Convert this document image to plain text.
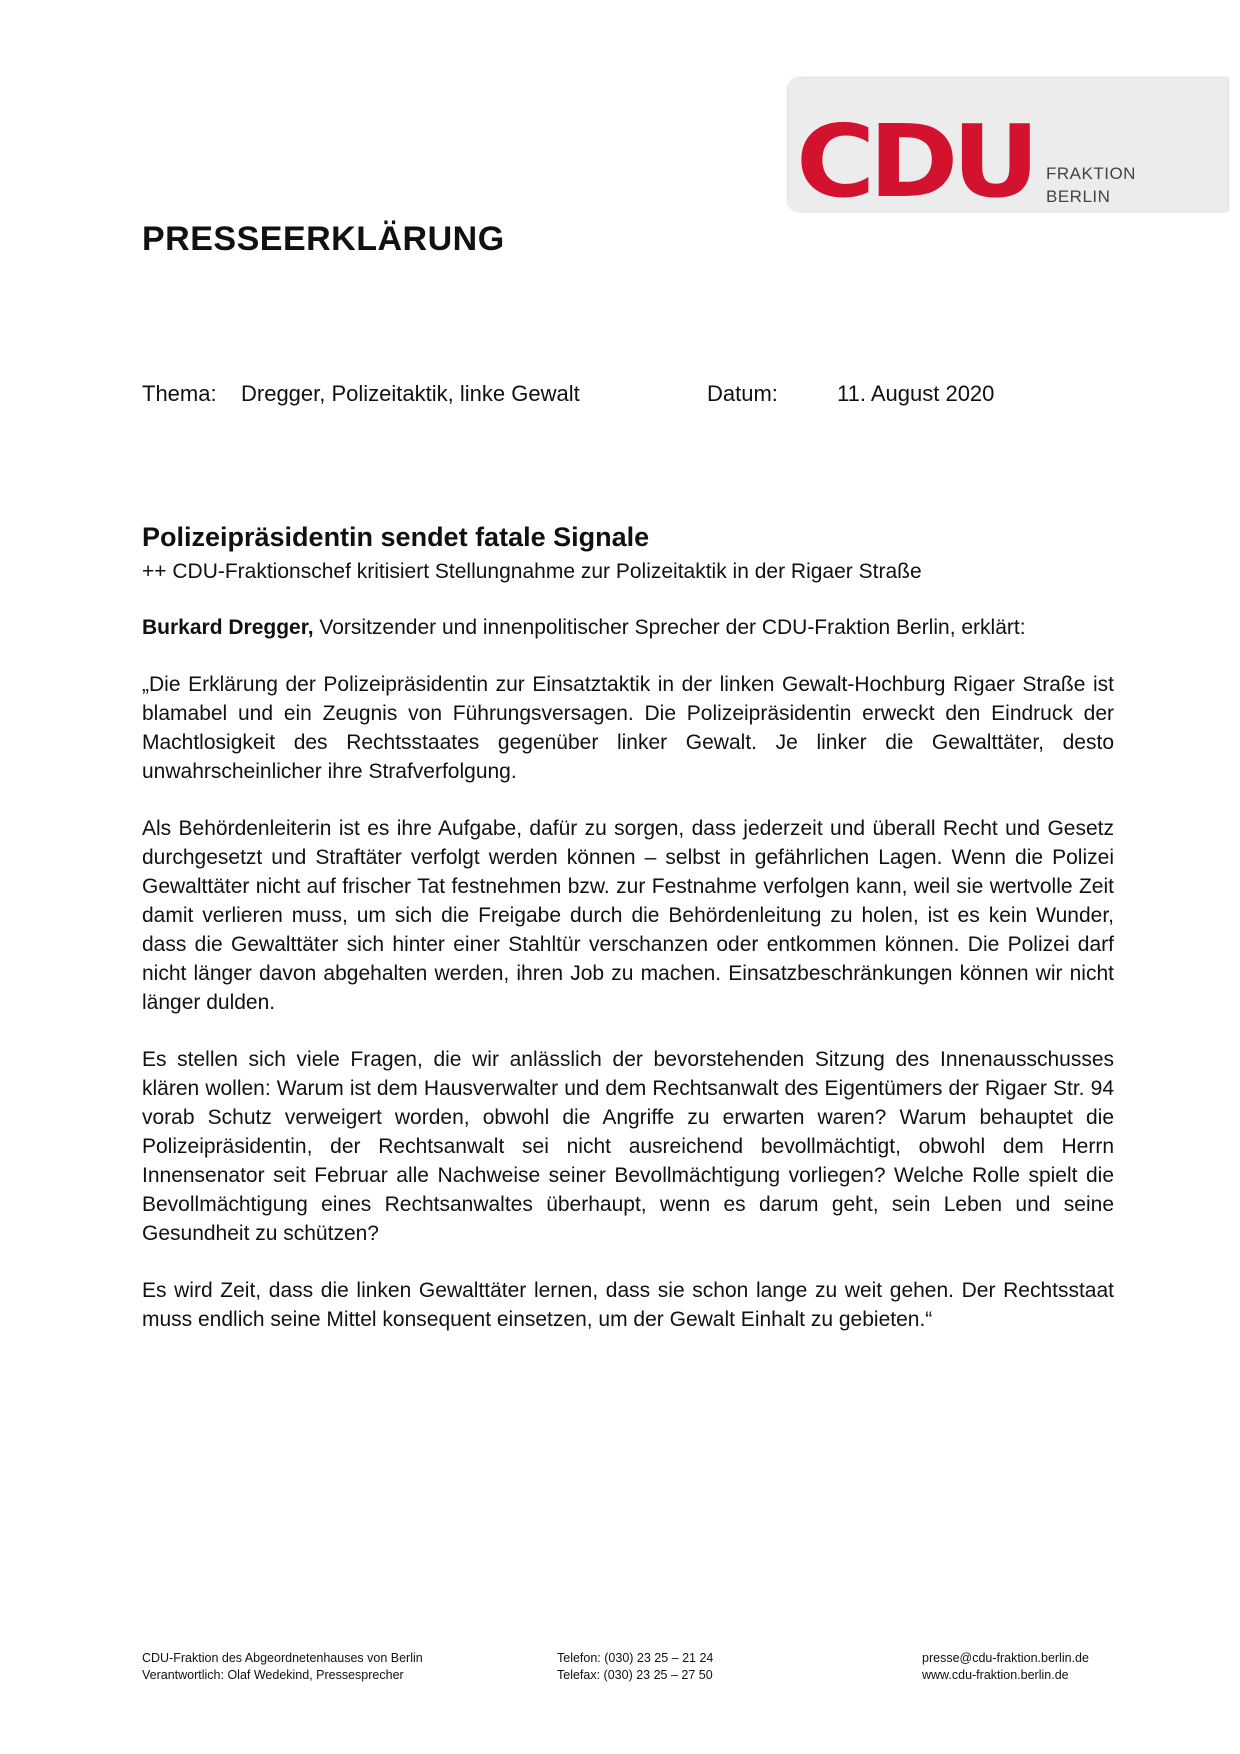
CDU FRAKTION
BERLIN
PRESSEERKLÄRUNG
Thema: Dregger, Polizeitaktik, linke Gewalt	Datum:	11. August 2020
Polizeipräsidentin sendet fatale Signale
++ CDU-Fraktionschef kritisiert Stellungnahme zur Polizeitaktik in der Rigaer Straße

Burkard Dregger, Vorsitzender und innenpolitischer Sprecher der CDU-Fraktion Berlin, erklärt:

„Die Erklärung der Polizeipräsidentin zur Einsatztaktik in der linken Gewalt-Hochburg Rigaer Straße ist blamabel und ein Zeugnis von Führungsversagen. Die Polizeipräsidentin erweckt den Eindruck der Machtlosigkeit des Rechtsstaates gegenüber linker Gewalt. Je linker die Gewalttäter, desto unwahrscheinlicher ihre Strafverfolgung.

Als Behördenleiterin ist es ihre Aufgabe, dafür zu sorgen, dass jederzeit und überall Recht und Gesetz durchgesetzt und Straftäter verfolgt werden können – selbst in gefährlichen Lagen. Wenn die Polizei Gewalttäter nicht auf frischer Tat festnehmen bzw. zur Festnahme verfolgen kann, weil sie wertvolle Zeit damit verlieren muss, um sich die Freigabe durch die Behördenleitung zu holen, ist es kein Wunder, dass die Gewalttäter sich hinter einer Stahltür verschanzen oder entkommen können. Die Polizei darf nicht länger davon abgehalten werden, ihren Job zu machen. Einsatzbeschränkungen können wir nicht länger dulden.

Es stellen sich viele Fragen, die wir anlässlich der bevorstehenden Sitzung des Innenausschusses klären wollen: Warum ist dem Hausverwalter und dem Rechtsanwalt des Eigentümers der Rigaer Str. 94 vorab Schutz verweigert worden, obwohl die Angriffe zu erwarten waren? Warum behauptet die Polizeipräsidentin, der Rechtsanwalt sei nicht ausreichend bevollmächtigt, obwohl dem Herrn Innensenator seit Februar alle Nachweise seiner Bevollmächtigung vorliegen? Welche Rolle spielt die Bevollmächtigung eines Rechtsanwaltes überhaupt, wenn es darum geht, sein Leben und seine Gesundheit zu schützen?

Es wird Zeit, dass die linken Gewalttäter lernen, dass sie schon lange zu weit gehen. Der Rechtsstaat muss endlich seine Mittel konsequent einsetzen, um der Gewalt Einhalt zu gebieten.“

CDU-Fraktion des Abgeordnetenhauses von Berlin
Verantwortlich: Olaf Wedekind, Pressesprecher
Telefon: (030) 23 25 – 21 24
Telefax: (030) 23 25 – 27 50
presse@cdu-fraktion.berlin.de
www.cdu-fraktion.berlin.de
